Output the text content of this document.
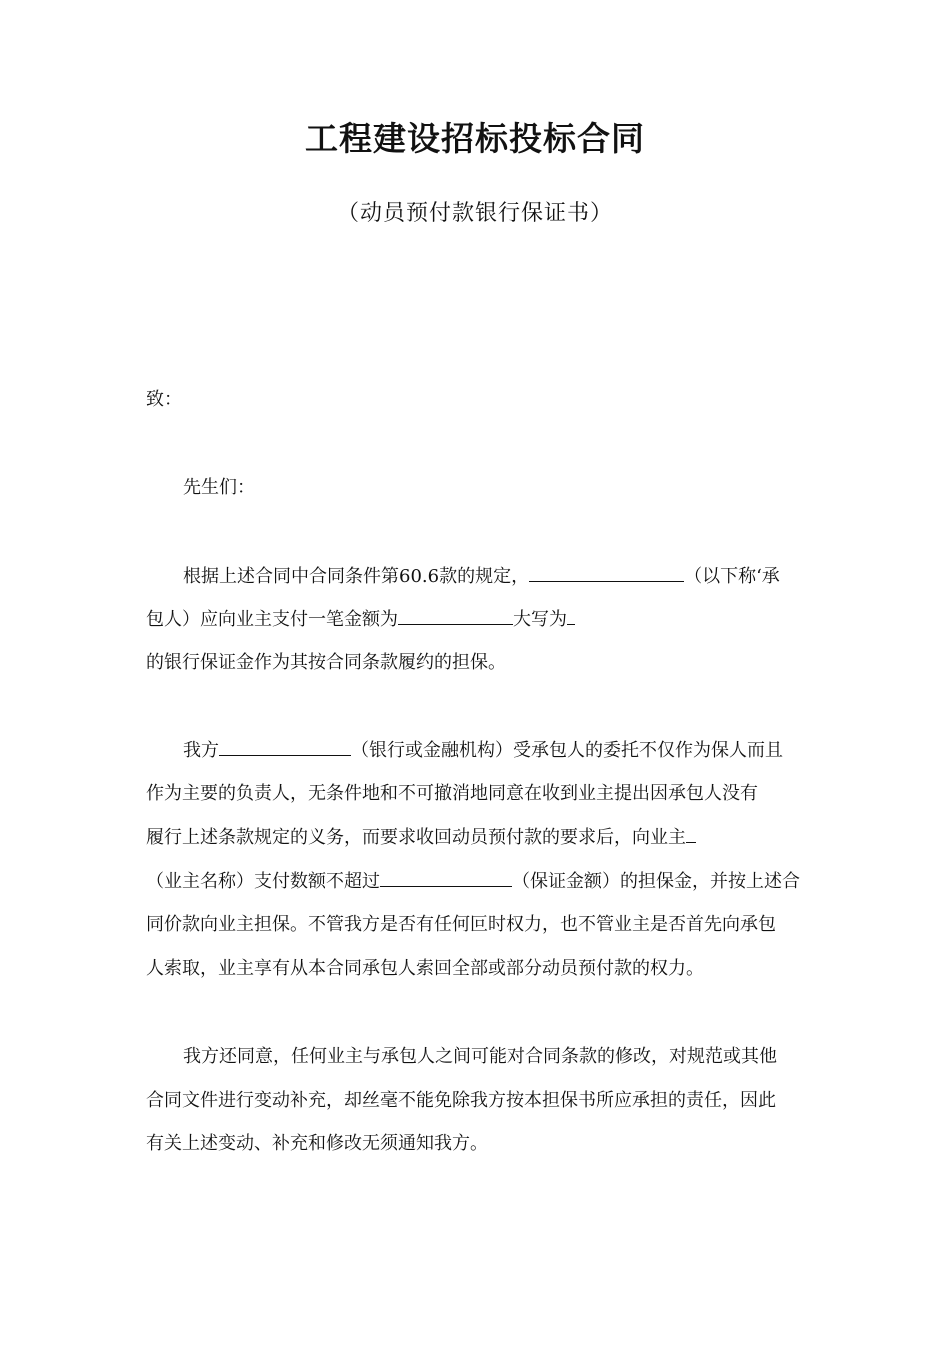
工程建设招标投标合同
（动员预付款银行保证书）
致：
先生们：
根据上述合同中合同条件第60.6款的规定，	（以下称‘承
包人）应向业主支付一笔金额为	大写为
的银行保证金作为其按合同条款履约的担保。
我方	（银行或金融机构）受承包人的委托不仅作为保人而且
作为主要的负责人，无条件地和不可撤消地同意在收到业主提出因承包人没有
履行上述条款规定的义务，而要求收回动员预付款的要求后，向业主
（业主名称）支付数额不超过	（保证金额）的担保金，并按上述合
同价款向业主担保。不管我方是否有任何叵时权力，也不管业主是否首先向承包
人索取，业主享有从本合同承包人索回全部或部分动员预付款的权力。
我方还同意，任何业主与承包人之间可能对合同条款的修改，对规范或其他
合同文件进行变动补充，却丝毫不能免除我方按本担保书所应承担的责任，因此
有关上述变动、补充和修改无须通知我方。
